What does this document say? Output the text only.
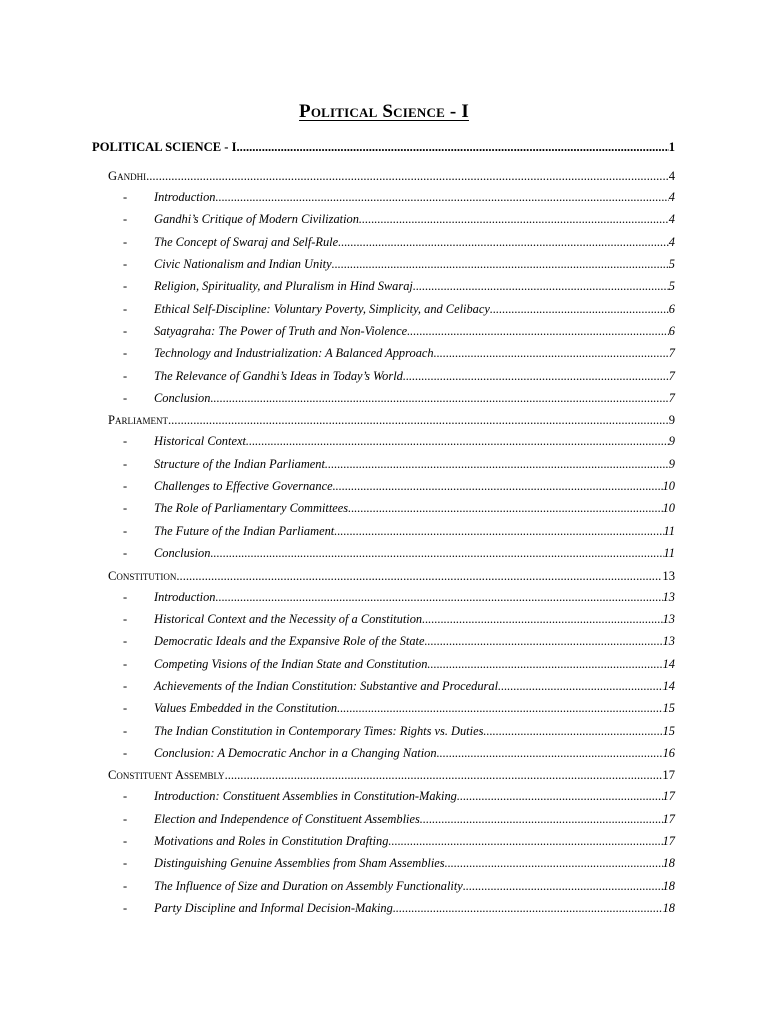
Political Science - I
POLITICAL SCIENCE - I .....	1
Gandhi .....	4
-	Introduction .....	4
-	Gandhi’s Critique of Modern Civilization .....	4
-	The Concept of Swaraj and Self-Rule .....	4
-	Civic Nationalism and Indian Unity .....	5
-	Religion, Spirituality, and Pluralism in Hind Swaraj .....	5
-	Ethical Self-Discipline: Voluntary Poverty, Simplicity, and Celibacy .....	6
-	Satyagraha: The Power of Truth and Non-Violence .....	6
-	Technology and Industrialization: A Balanced Approach .....	7
-	The Relevance of Gandhi’s Ideas in Today’s World .....	7
-	Conclusion .....	7
Parliament .....	9
-	Historical Context .....	9
-	Structure of the Indian Parliament .....	9
-	Challenges to Effective Governance .....	10
-	The Role of Parliamentary Committees .....	10
-	The Future of the Indian Parliament .....	11
-	Conclusion .....	11
Constitution .....	13
-	Introduction .....	13
-	Historical Context and the Necessity of a Constitution .....	13
-	Democratic Ideals and the Expansive Role of the State .....	13
-	Competing Visions of the Indian State and Constitution .....	14
-	Achievements of the Indian Constitution: Substantive and Procedural .....	14
-	Values Embedded in the Constitution .....	15
-	The Indian Constitution in Contemporary Times: Rights vs. Duties .....	15
-	Conclusion: A Democratic Anchor in a Changing Nation .....	16
Constituent Assembly .....	17
-	Introduction: Constituent Assemblies in Constitution-Making .....	17
-	Election and Independence of Constituent Assemblies .....	17
-	Motivations and Roles in Constitution Drafting .....	17
-	Distinguishing Genuine Assemblies from Sham Assemblies .....	18
-	The Influence of Size and Duration on Assembly Functionality .....	18
-	Party Discipline and Informal Decision-Making .....	18
